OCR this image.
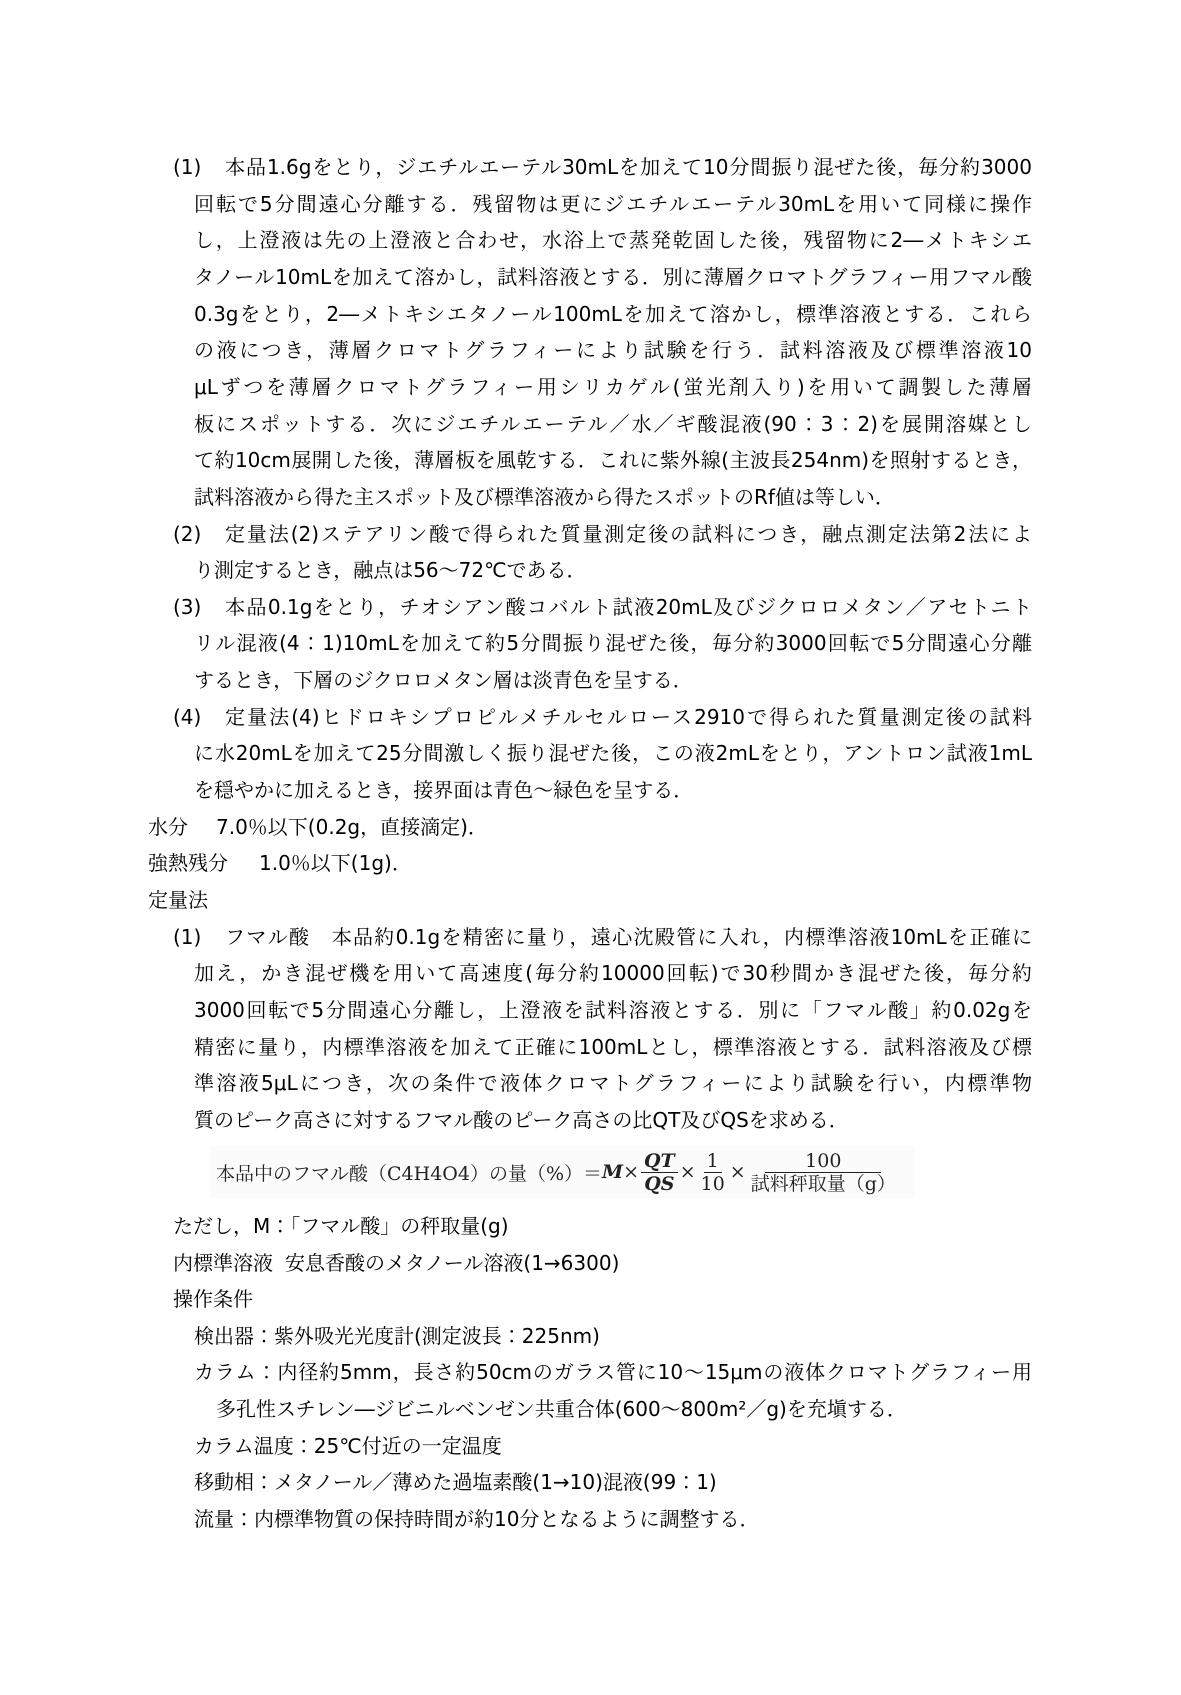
(1) 本品1.6gをとり，ジエチルエーテル30mLを加えて10分間振り混ぜた後，毎分約3000
回転で5分間遠心分離する．残留物は更にジエチルエーテル30mLを用いて同様に操作
し，上澄液は先の上澄液と合わせ，水浴上で蒸発乾固した後，残留物に2―メトキシエ
タノール10mLを加えて溶かし，試料溶液とする．別に薄層クロマトグラフィー用フマル酸
0.3gをとり，2―メトキシエタノール100mLを加えて溶かし，標準溶液とする．これら
の液につき，薄層クロマトグラフィーにより試験を行う．試料溶液及び標準溶液10
μLずつを薄層クロマトグラフィー用シリカゲル(蛍光剤入り)を用いて調製した薄層
板にスポットする．次にジエチルエーテル／水／ギ酸混液(90：3：2)を展開溶媒とし
て約10cm展開した後，薄層板を風乾する．これに紫外線(主波長254nm)を照射するとき，
試料溶液から得た主スポット及び標準溶液から得たスポットのRf値は等しい．
(2) 定量法(2)ステアリン酸で得られた質量測定後の試料につき，融点測定法第2法によ
り測定するとき，融点は56～72℃である．
(3) 本品0.1gをとり，チオシアン酸コバルト試液20mL及びジクロロメタン／アセトニト
リル混液(4：1)10mLを加えて約5分間振り混ぜた後，毎分約3000回転で5分間遠心分離
するとき，下層のジクロロメタン層は淡青色を呈する．
(4) 定量法(4)ヒドロキシプロピルメチルセルロース2910で得られた質量測定後の試料
に水20mLを加えて25分間激しく振り混ぜた後，この液2mLをとり，アントロン試液1mL
を穏やかに加えるとき，接界面は青色～緑色を呈する．
水分 7.0％以下(0.2g，直接滴定)．
強熱残分 1.0％以下(1g)．
定量法
(1) フマル酸　本品約0.1gを精密に量り，遠心沈殿管に入れ，内標準溶液10mLを正確に
加え，かき混ぜ機を用いて高速度(毎分約10000回転)で30秒間かき混ぜた後，毎分約
3000回転で5分間遠心分離し，上澄液を試料溶液とする．別に「フマル酸」約0.02gを
精密に量り，内標準溶液を加えて正確に100mLとし，標準溶液とする．試料溶液及び標
準溶液5μLにつき，次の条件で液体クロマトグラフィーにより試験を行い，内標準物
質のピーク高さに対するフマル酸のピーク高さの比QT及びQSを求める．
ただし，M：「フマル酸」の秤取量(g)
内標準溶液 安息香酸のメタノール溶液(1→6300)
操作条件
検出器：紫外吸光光度計(測定波長：225nm)
カラム：内径約5mm，長さ約50cmのガラス管に10～15μmの液体クロマトグラフィー用
多孔性スチレン―ジビニルベンゼン共重合体(600～800m²／g)を充塡する．
カラム温度：25℃付近の一定温度
移動相：メタノール／薄めた過塩素酸(1→10)混液(99：1)
流量：内標準物質の保持時間が約10分となるように調整する．
本品中のフマル酸（C4H4O4）の量（%）＝ $M \times \frac{QT}{QS} \times \frac{1}{10} \times \frac{100}{\text{試料秤取量（g）}}$
